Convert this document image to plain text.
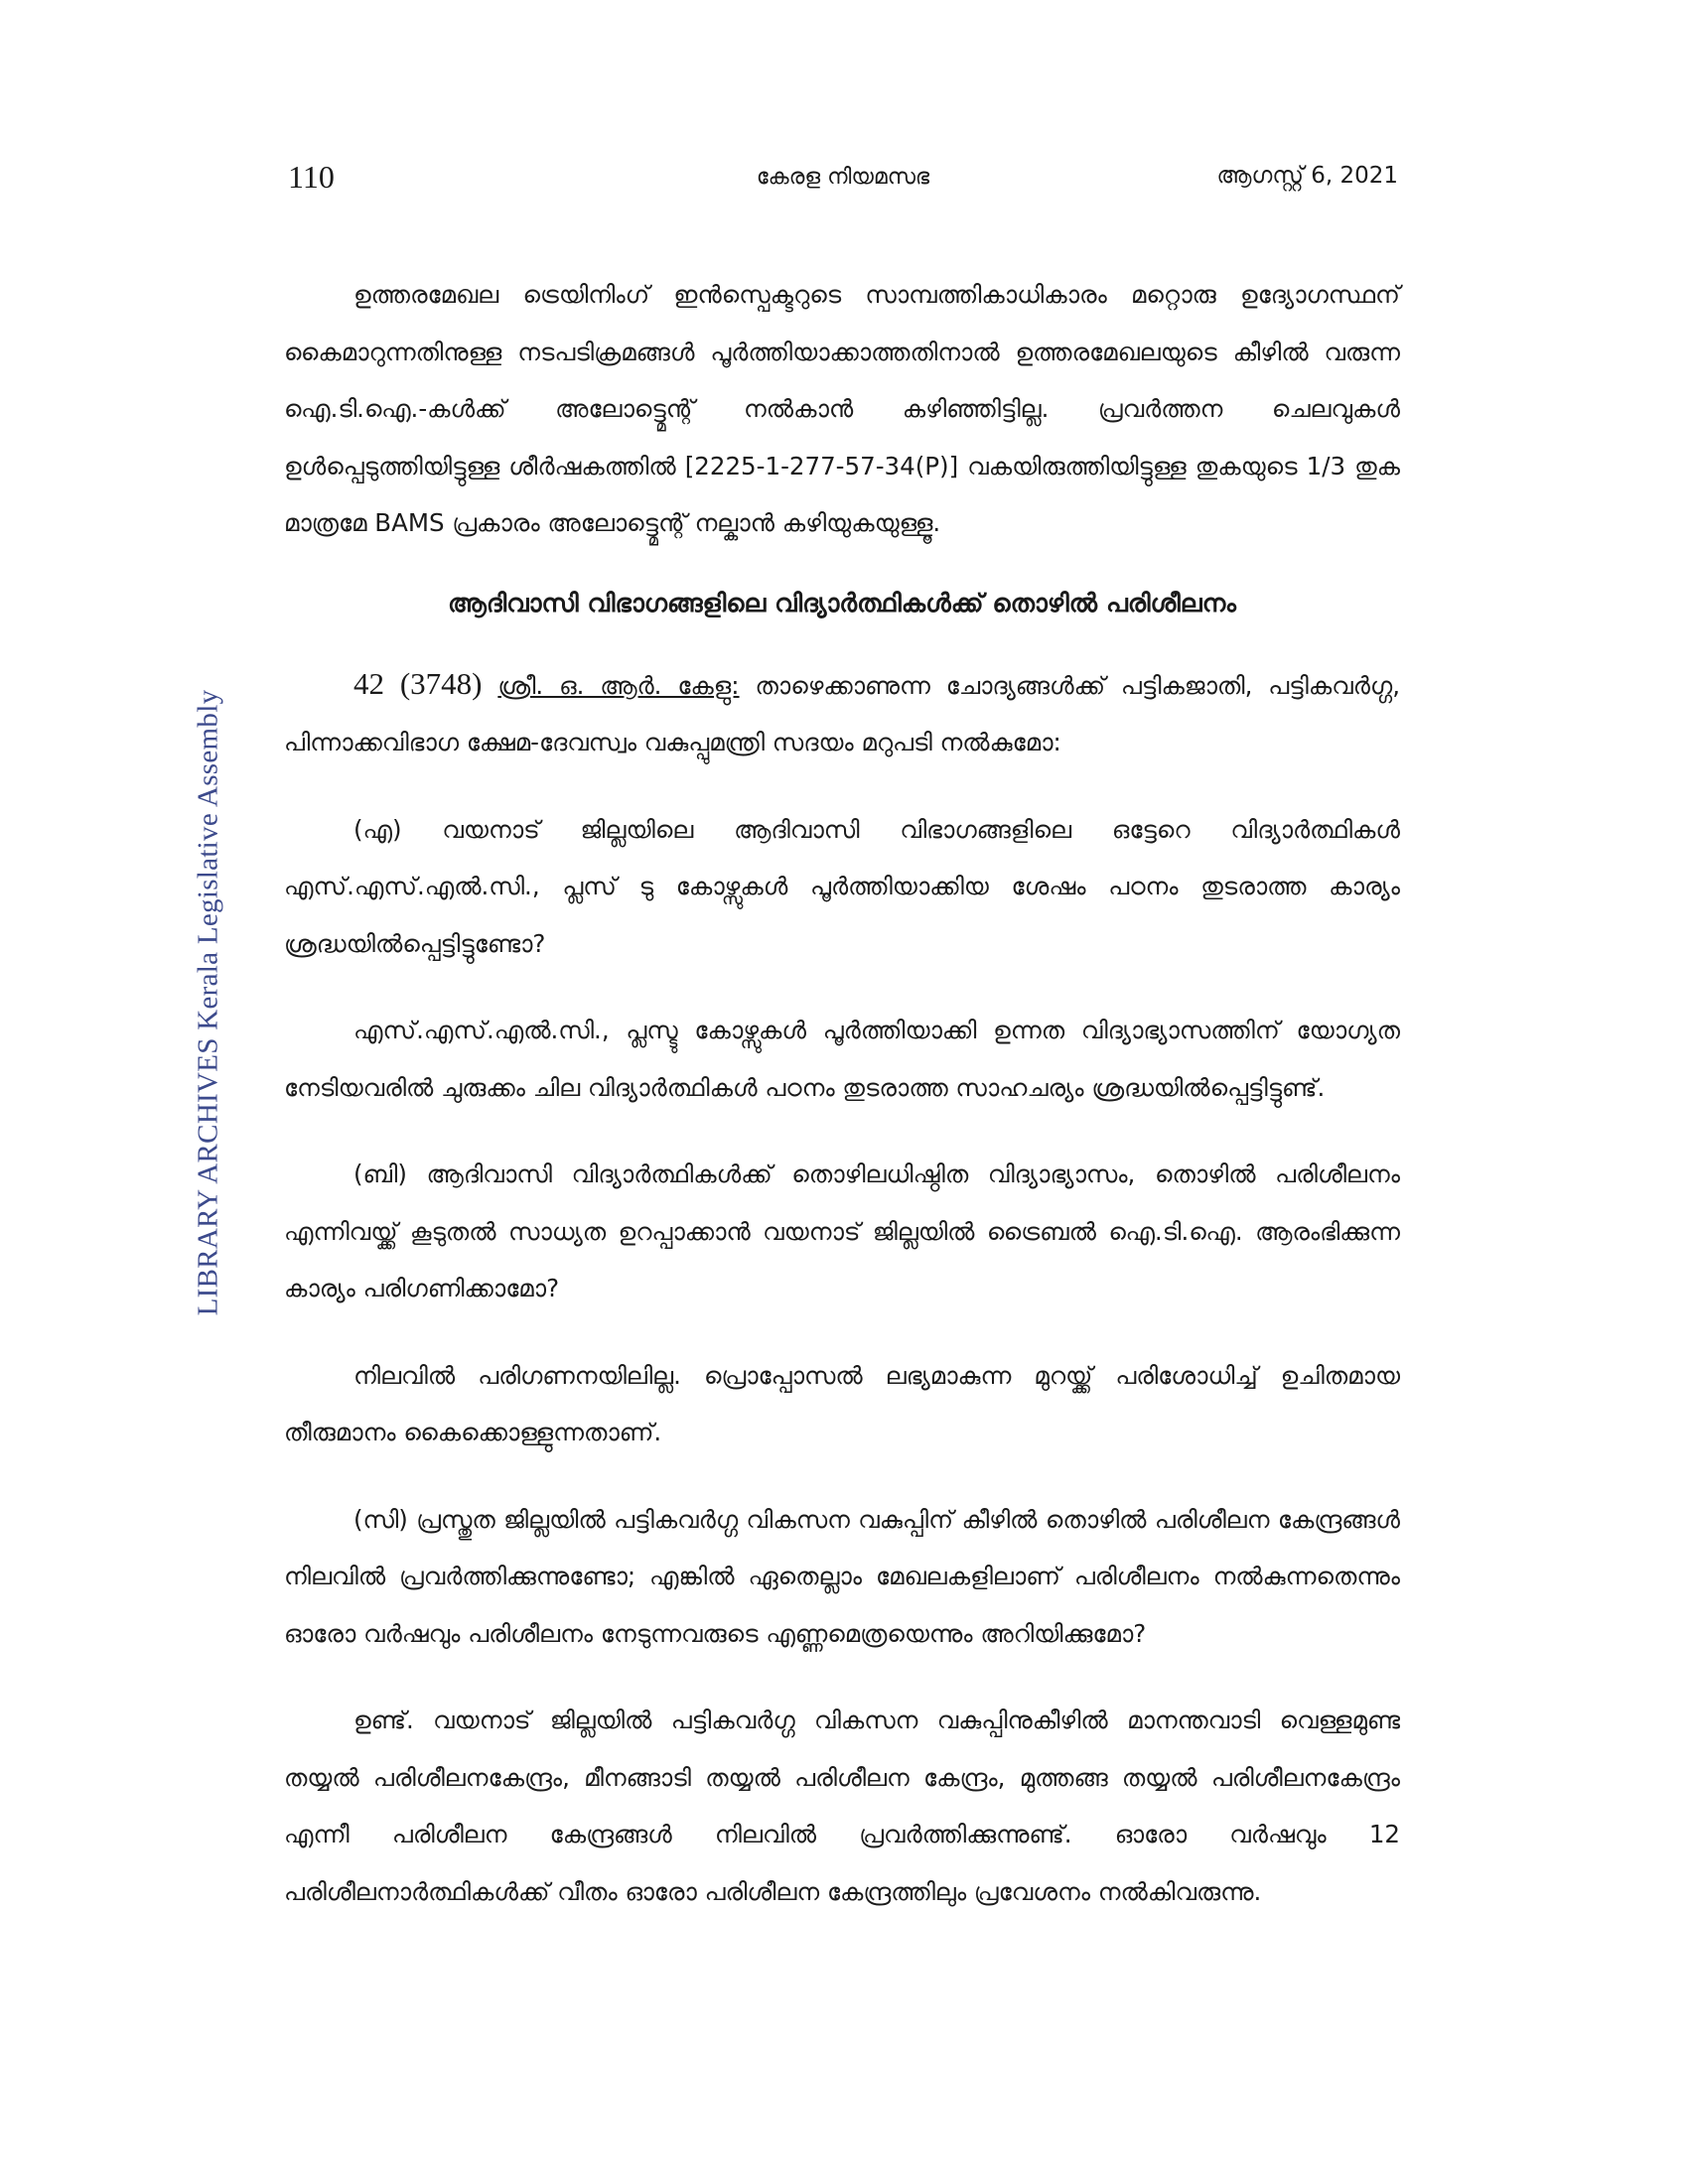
110	കേരള നിയമസഭ	ആഗസ്റ്റ് 6, 2021
LIBRARY ARCHIVES Kerala Legislative Assembly

ഉത്തരമേഖല ട്രെയിനിംഗ് ഇൻസ്പെക്ടറുടെ സാമ്പത്തികാധികാരം മറ്റൊരു ഉദ്യോഗസ്ഥന് കൈമാറുന്നതിനുള്ള നടപടിക്രമങ്ങൾ പൂർത്തിയാക്കാത്തതിനാൽ ഉത്തരമേഖലയുടെ കീഴിൽ വരുന്ന ഐ.ടി.ഐ.-കൾക്ക് അലോട്ട്മെന്റ് നൽകാൻ കഴിഞ്ഞിട്ടില്ല. പ്രവർത്തന ചെലവുകൾ ഉൾപ്പെടുത്തിയിട്ടുള്ള ശീർഷകത്തിൽ [2225-1-277-57-34(P)] വകയിരുത്തിയിട്ടുള്ള തുകയുടെ 1/3 തുക മാത്രമേ BAMS പ്രകാരം അലോട്ട്മെന്റ് നല്കാൻ കഴിയുകയുള്ളൂ.

ആദിവാസി വിഭാഗങ്ങളിലെ വിദ്യാർത്ഥികൾക്ക് തൊഴിൽ പരിശീലനം

42 (3748) ശ്രീ. ഒ. ആർ. കേളു: താഴെക്കാണുന്ന ചോദ്യങ്ങൾക്ക് പട്ടികജാതി, പട്ടികവർഗ്ഗ, പിന്നാക്കവിഭാഗ ക്ഷേമ-ദേവസ്വം വകുപ്പുമന്ത്രി സദയം മറുപടി നൽകുമോ:

(എ) വയനാട് ജില്ലയിലെ ആദിവാസി വിഭാഗങ്ങളിലെ ഒട്ടേറെ വിദ്യാർത്ഥികൾ എസ്.എസ്.എൽ.സി., പ്ലസ് ടു കോഴ്സുകൾ പൂർത്തിയാക്കിയ ശേഷം പഠനം തുടരാത്ത കാര്യം ശ്രദ്ധയിൽപ്പെട്ടിട്ടുണ്ടോ?

എസ്.എസ്.എൽ.സി., പ്ലസ്ടു കോഴ്സുകൾ പൂർത്തിയാക്കി ഉന്നത വിദ്യാഭ്യാസത്തിന് യോഗ്യത നേടിയവരിൽ ചുരുക്കം ചില വിദ്യാർത്ഥികൾ പഠനം തുടരാത്ത സാഹചര്യം ശ്രദ്ധയിൽപ്പെട്ടിട്ടുണ്ട്.

(ബി) ആദിവാസി വിദ്യാർത്ഥികൾക്ക് തൊഴിലധിഷ്ഠിത വിദ്യാഭ്യാസം, തൊഴിൽ പരിശീലനം എന്നിവയ്ക്ക് കൂടുതൽ സാധ്യത ഉറപ്പാക്കാൻ വയനാട് ജില്ലയിൽ ട്രൈബൽ ഐ.ടി.ഐ. ആരംഭിക്കുന്ന കാര്യം പരിഗണിക്കാമോ?

നിലവിൽ പരിഗണനയിലില്ല. പ്രൊപ്പോസൽ ലഭ്യമാകുന്ന മുറയ്ക്ക് പരിശോധിച്ച് ഉചിതമായ തീരുമാനം കൈക്കൊള്ളുന്നതാണ്.

(സി) പ്രസ്തുത ജില്ലയിൽ പട്ടികവർഗ്ഗ വികസന വകുപ്പിന് കീഴിൽ തൊഴിൽ പരിശീലന കേന്ദ്രങ്ങൾ നിലവിൽ പ്രവർത്തിക്കുന്നുണ്ടോ; എങ്കിൽ ഏതെല്ലാം മേഖലകളിലാണ് പരിശീലനം നൽകുന്നതെന്നും ഓരോ വർഷവും പരിശീലനം നേടുന്നവരുടെ എണ്ണമെത്രയെന്നും അറിയിക്കുമോ?

ഉണ്ട്. വയനാട് ജില്ലയിൽ പട്ടികവർഗ്ഗ വികസന വകുപ്പിനുകീഴിൽ മാനന്തവാടി വെള്ളമുണ്ട തയ്യൽ പരിശീലനകേന്ദ്രം, മീനങ്ങാടി തയ്യൽ പരിശീലന കേന്ദ്രം, മുത്തങ്ങ തയ്യൽ പരിശീലനകേന്ദ്രം എന്നീ പരിശീലന കേന്ദ്രങ്ങൾ നിലവിൽ പ്രവർത്തിക്കുന്നുണ്ട്. ഓരോ വർഷവും 12 പരിശീലനാർത്ഥികൾക്ക് വീതം ഓരോ പരിശീലന കേന്ദ്രത്തിലും പ്രവേശനം നൽകിവരുന്നു.
